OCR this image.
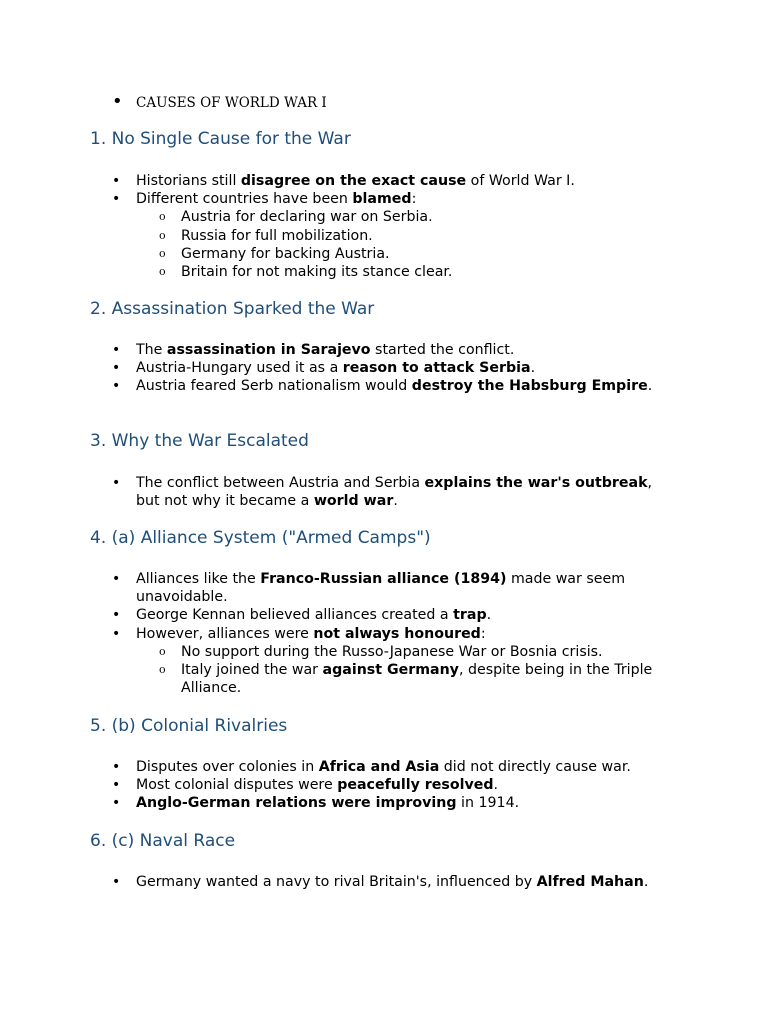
• CAUSES OF WORLD WAR I
1. No Single Cause for the War
• Historians still disagree on the exact cause of World War I.
• Different countries have been blamed:
o Austria for declaring war on Serbia.
o Russia for full mobilization.
o Germany for backing Austria.
o Britain for not making its stance clear.
2. Assassination Sparked the War
• The assassination in Sarajevo started the conflict.
• Austria-Hungary used it as a reason to attack Serbia.
• Austria feared Serb nationalism would destroy the Habsburg Empire.
3. Why the War Escalated
• The conflict between Austria and Serbia explains the war's outbreak, but not why it became a world war.
4. (a) Alliance System ("Armed Camps")
• Alliances like the Franco-Russian alliance (1894) made war seem unavoidable.
• George Kennan believed alliances created a trap.
• However, alliances were not always honoured:
o No support during the Russo-Japanese War or Bosnia crisis.
o Italy joined the war against Germany, despite being in the Triple Alliance.
5. (b) Colonial Rivalries
• Disputes over colonies in Africa and Asia did not directly cause war.
• Most colonial disputes were peacefully resolved.
• Anglo-German relations were improving in 1914.
6. (c) Naval Race
• Germany wanted a navy to rival Britain's, influenced by Alfred Mahan.
